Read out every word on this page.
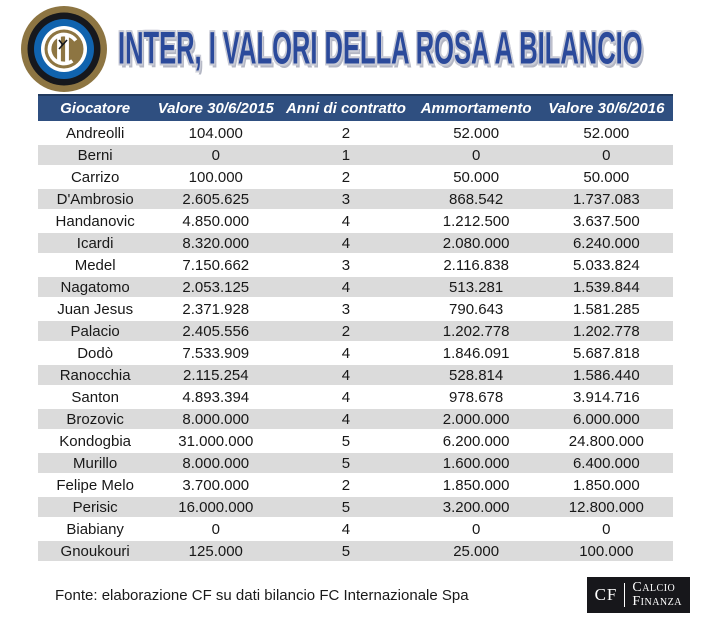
INTER, I VALORI DELLA ROSA A BILANCIO
Giocatore	Valore 30/6/2015	Anni di contratto	Ammortamento	Valore 30/6/2016
Andreolli	104.000	2	52.000	52.000
Berni	0	1	0	0
Carrizo	100.000	2	50.000	50.000
D'Ambrosio	2.605.625	3	868.542	1.737.083
Handanovic	4.850.000	4	1.212.500	3.637.500
Icardi	8.320.000	4	2.080.000	6.240.000
Medel	7.150.662	3	2.116.838	5.033.824
Nagatomo	2.053.125	4	513.281	1.539.844
Juan Jesus	2.371.928	3	790.643	1.581.285
Palacio	2.405.556	2	1.202.778	1.202.778
Dodò	7.533.909	4	1.846.091	5.687.818
Ranocchia	2.115.254	4	528.814	1.586.440
Santon	4.893.394	4	978.678	3.914.716
Brozovic	8.000.000	4	2.000.000	6.000.000
Kondogbia	31.000.000	5	6.200.000	24.800.000
Murillo	8.000.000	5	1.600.000	6.400.000
Felipe Melo	3.700.000	2	1.850.000	1.850.000
Perisic	16.000.000	5	3.200.000	12.800.000
Biabiany	0	4	0	0
Gnoukouri	125.000	5	25.000	100.000
Fonte: elaborazione CF su dati bilancio FC Internazionale Spa	CF Calcio
Finanza
